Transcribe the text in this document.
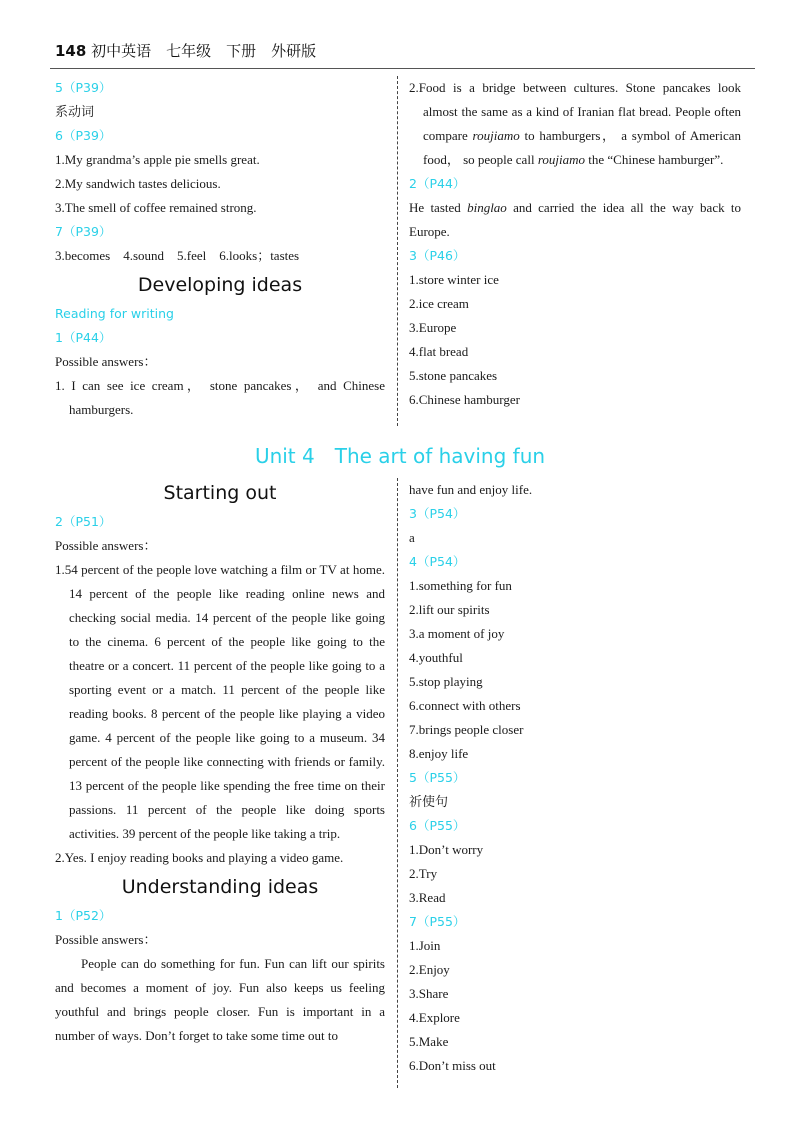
148 初中英语　七年级　下册　外研版

5（P39）

系动词

6（P39）

1.My grandma’s apple pie smells great.

2.My sandwich tastes delicious.

3.The smell of coffee remained strong.

7（P39）

3.becomes　4.sound　5.feel　6.looks；tastes

Developing ideas

Reading for writing

1（P44）

Possible answers：

1. I can see ice cream， stone pancakes， and Chinese hamburgers.

2.Food is a bridge between cultures. Stone pancakes look almost the same as a kind of Iranian flat bread. People often compare roujiamo to hamburgers， a symbol of American food， so people call roujiamo the “Chinese hamburger”.

2（P44）

He tasted binglao and carried the idea all the way back to Europe.

3（P46）

1.store winter ice

2.ice cream

3.Europe

4.flat bread

5.stone pancakes

6.Chinese hamburger

Unit 4　The art of having fun

Starting out

2（P51）

Possible answers：

1.54 percent of the people love watching a film or TV at home. 14 percent of the people like reading online news and checking social media. 14 percent of the people like going to the cinema. 6 percent of the people like going to the theatre or a concert. 11 percent of the people like going to a sporting event or a match. 11 percent of the people like reading books. 8 percent of the people like playing a video game. 4 percent of the people like going to a museum. 34 percent of the people like connecting with friends or family. 13 percent of the people like spending the free time on their passions. 11 percent of the people like doing sports activities. 39 percent of the people like taking a trip.

2.Yes. I enjoy reading books and playing a video game.

Understanding ideas

1（P52）

Possible answers：

People can do something for fun. Fun can lift our spirits and becomes a moment of joy. Fun also keeps us feeling youthful and brings people closer. Fun is important in a number of ways. Don’t forget to take some time out to

have fun and enjoy life.

3（P54）

a

4（P54）

1.something for fun

2.lift our spirits

3.a moment of joy

4.youthful

5.stop playing

6.connect with others

7.brings people closer

8.enjoy life

5（P55）

祈使句

6（P55）

1.Don’t worry

2.Try

3.Read

7（P55）

1.Join

2.Enjoy

3.Share

4.Explore

5.Make

6.Don’t miss out
